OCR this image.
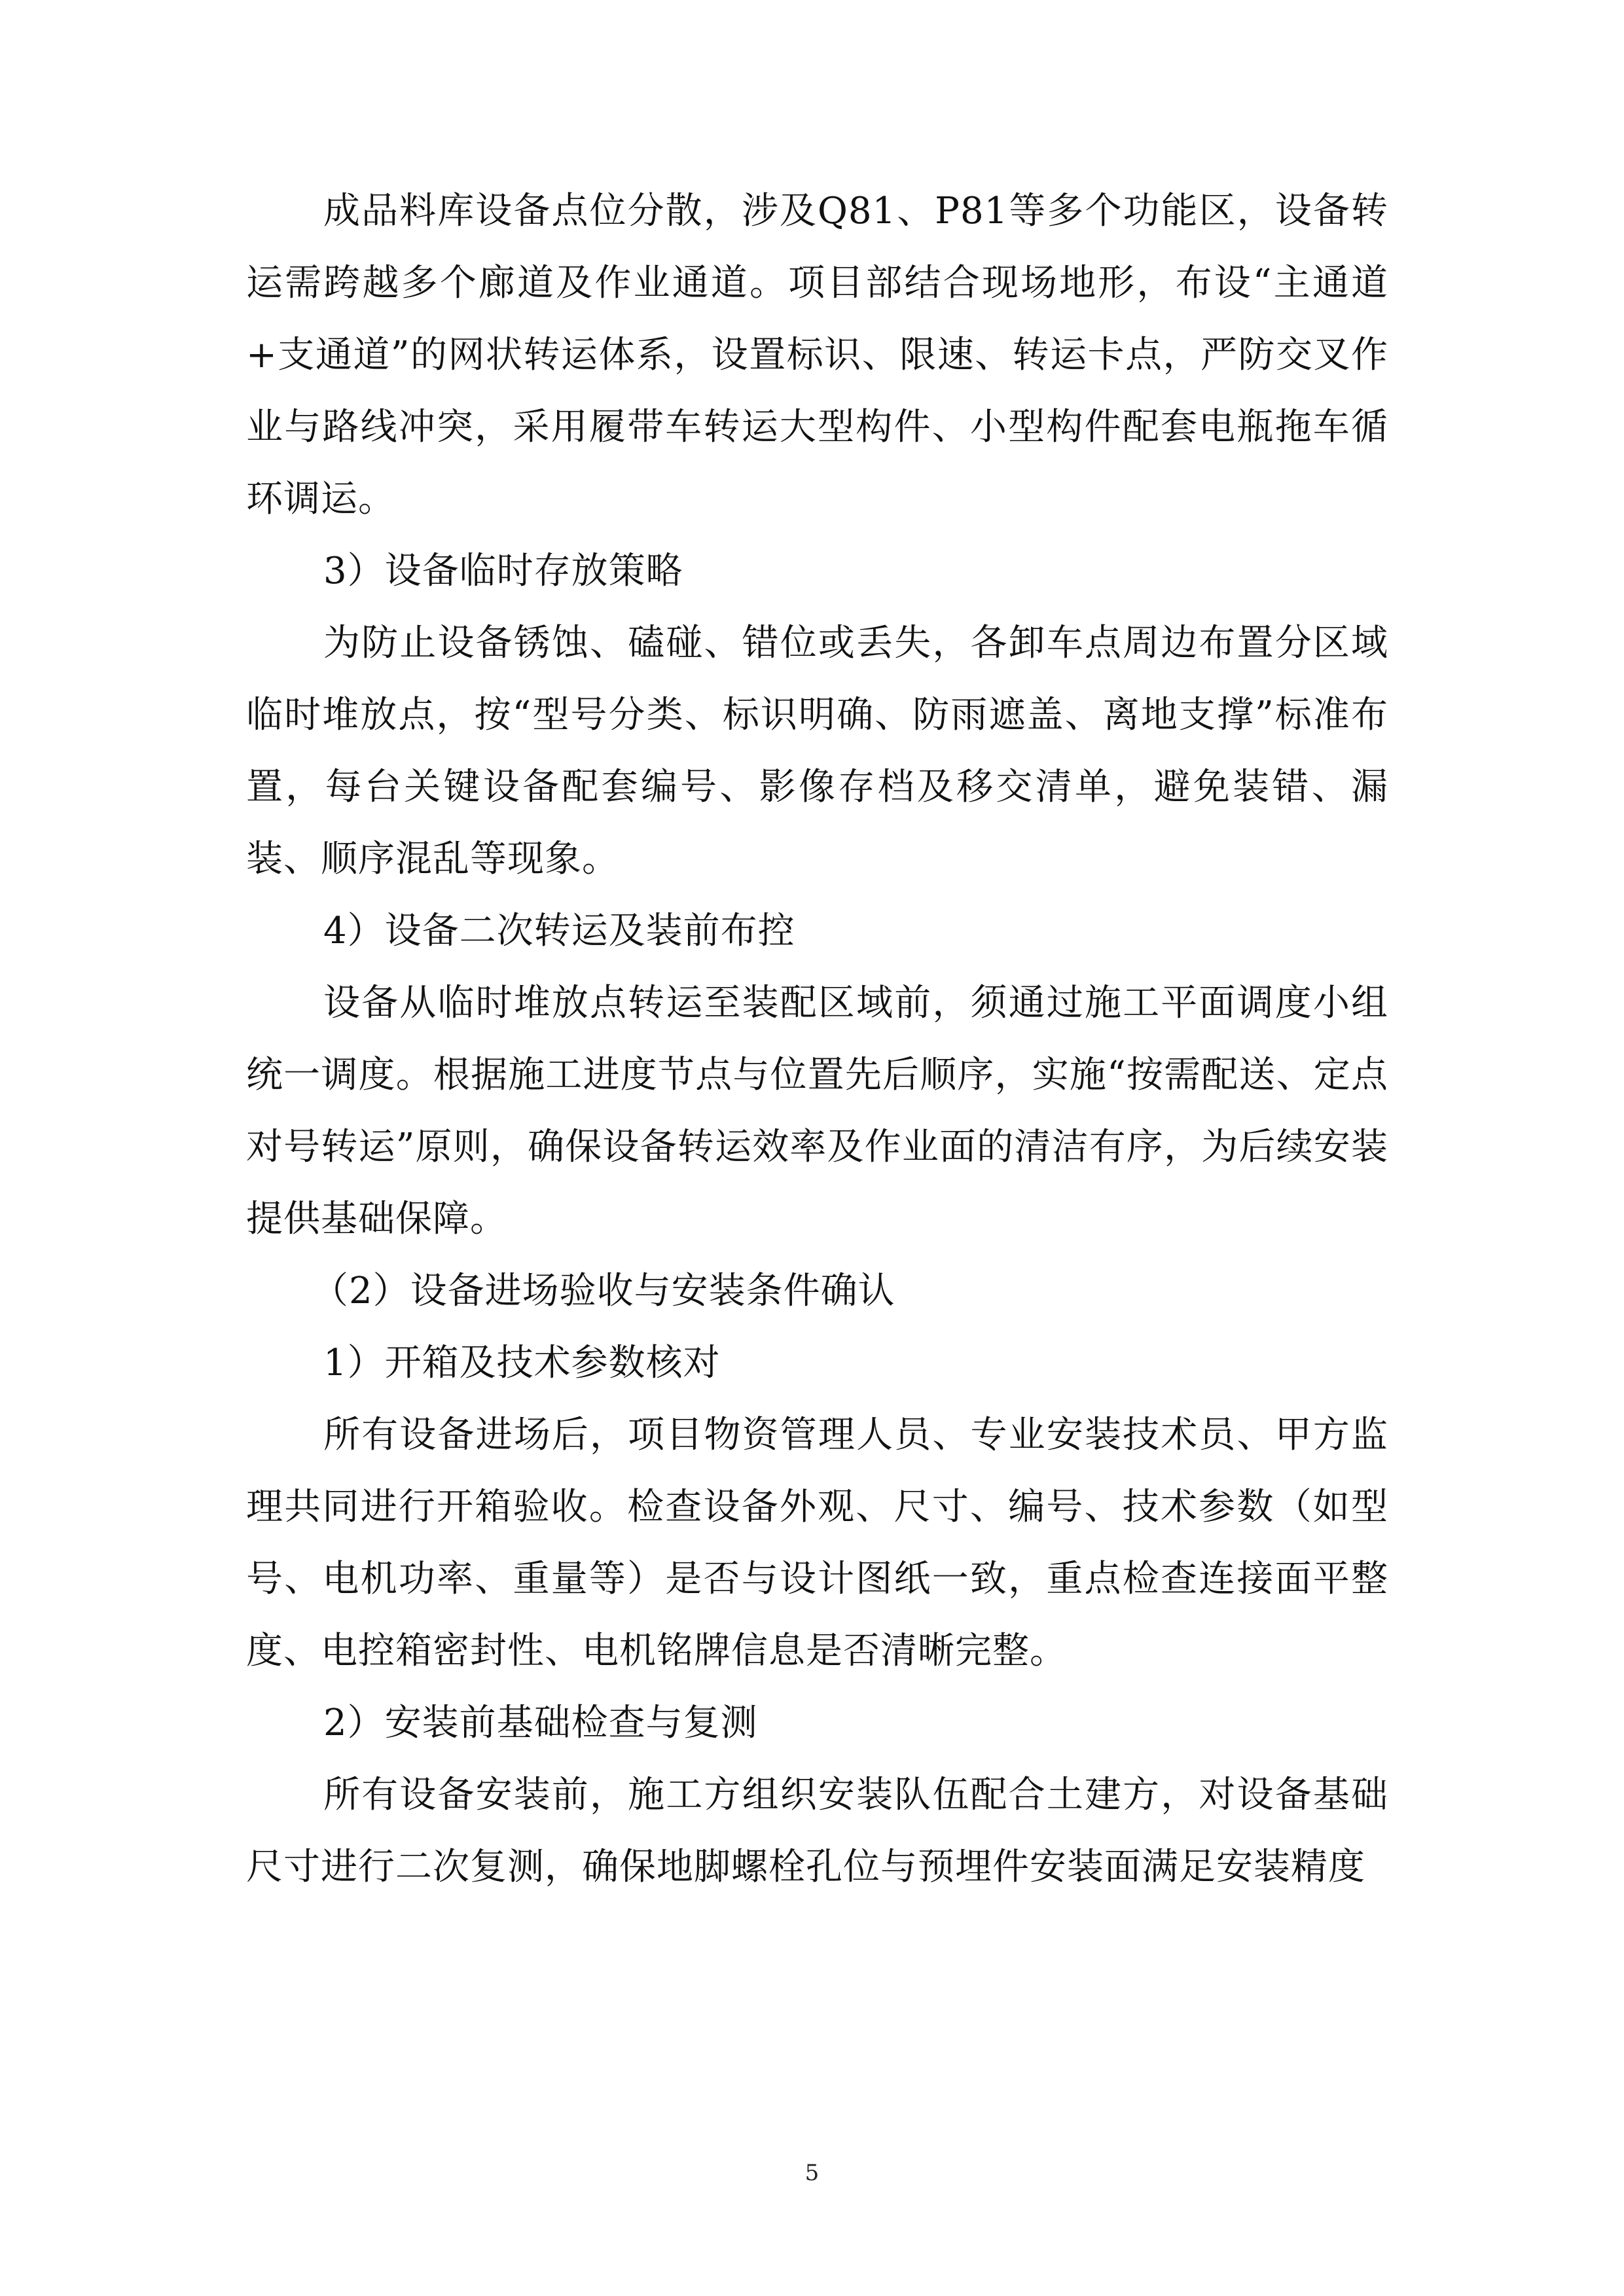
成品料库设备点位分散，涉及Q81、P81等多个功能区，设备转运需跨越多个廊道及作业通道。项目部结合现场地形，布设“主通道+支通道”的网状转运体系，设置标识、限速、转运卡点，严防交叉作业与路线冲突，采用履带车转运大型构件、小型构件配套电瓶拖车循环调运。

3）设备临时存放策略

为防止设备锈蚀、磕碰、错位或丢失，各卸车点周边布置分区域临时堆放点，按“型号分类、标识明确、防雨遮盖、离地支撑”标准布置，每台关键设备配套编号、影像存档及移交清单，避免装错、漏装、顺序混乱等现象。

4）设备二次转运及装前布控

设备从临时堆放点转运至装配区域前，须通过施工平面调度小组统一调度。根据施工进度节点与位置先后顺序，实施“按需配送、定点对号转运”原则，确保设备转运效率及作业面的清洁有序，为后续安装提供基础保障。

（2）设备进场验收与安装条件确认

1）开箱及技术参数核对

所有设备进场后，项目物资管理人员、专业安装技术员、甲方监理共同进行开箱验收。检查设备外观、尺寸、编号、技术参数（如型号、电机功率、重量等）是否与设计图纸一致，重点检查连接面平整度、电控箱密封性、电机铭牌信息是否清晰完整。

2）安装前基础检查与复测

所有设备安装前，施工方组织安装队伍配合土建方，对设备基础尺寸进行二次复测，确保地脚螺栓孔位与预埋件安装面满足安装精度

5
